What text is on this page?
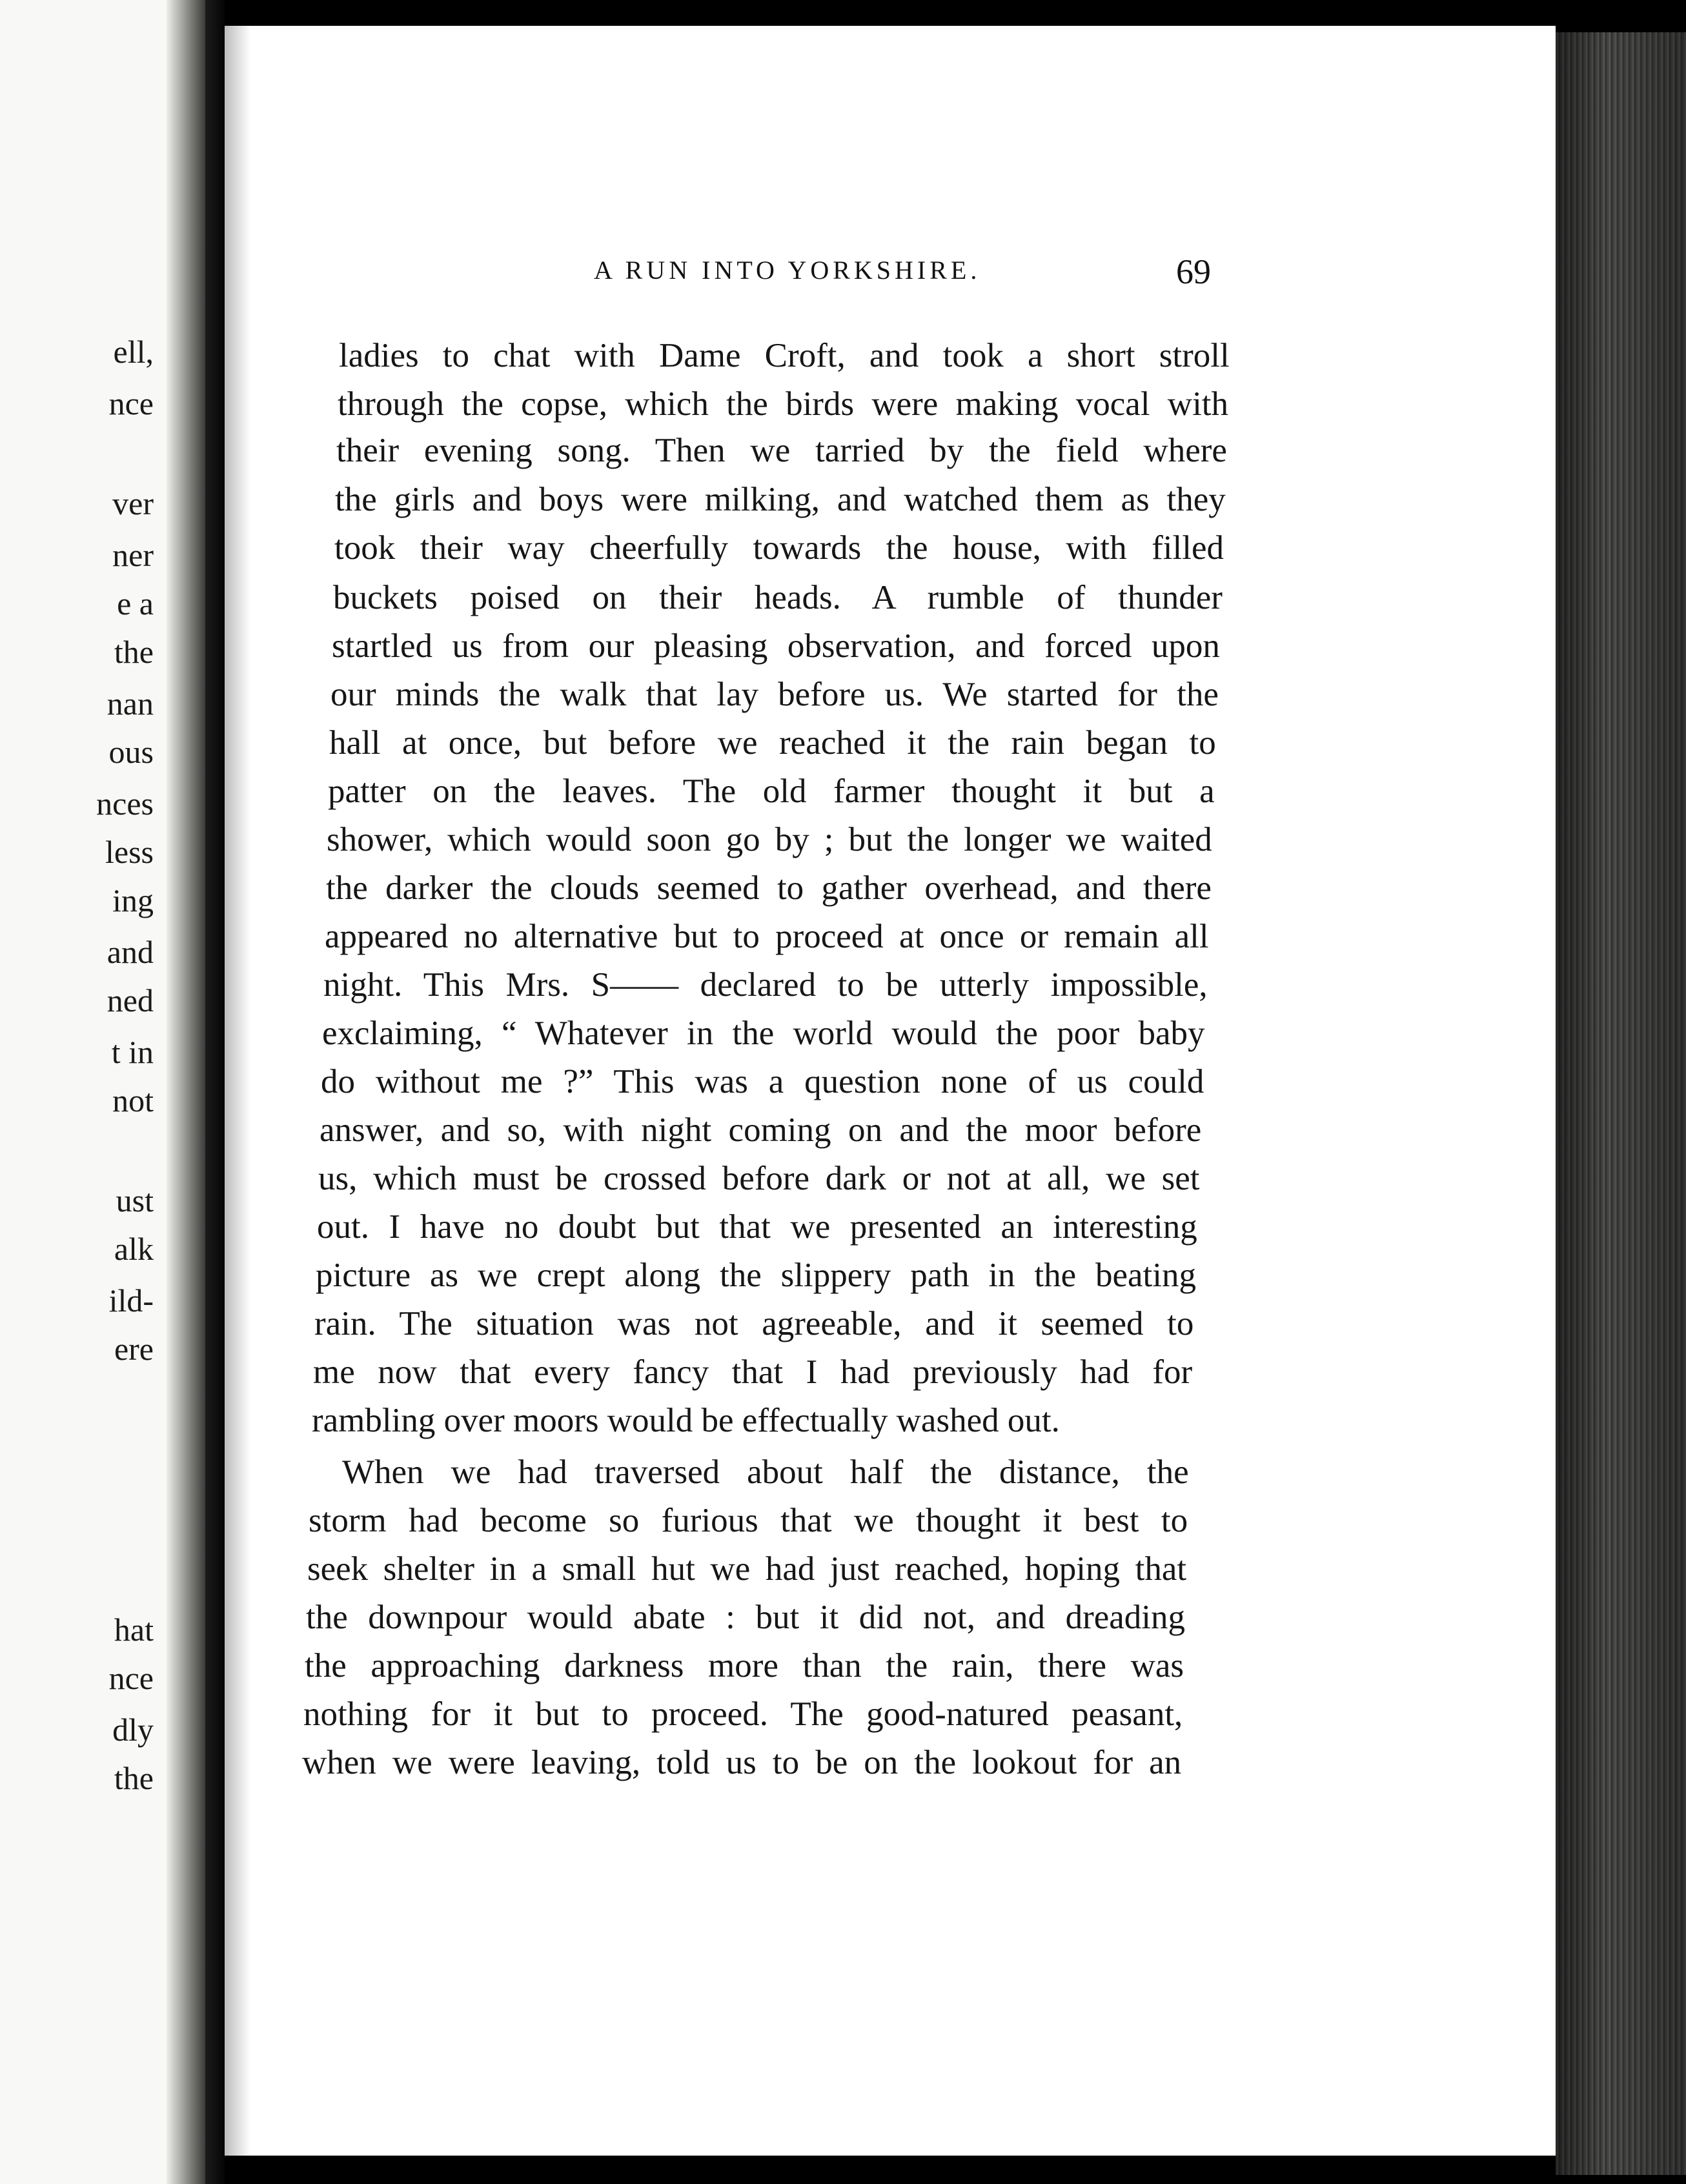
ell,
nce
ver
ner
e a
the
nan
ous
nces
less
ing
and
ned
t in
not
ust
alk
ild-
ere
hat
nce
dly
the
A RUN INTO YORKSHIRE.	69
ladies to chat with Dame Croft, and took a short stroll
through the copse, which the birds were making vocal with
their evening song. Then we tarried by the field where
the girls and boys were milking, and watched them as they
took their way cheerfully towards the house, with filled
buckets poised on their heads. A rumble of thunder
startled us from our pleasing observation, and forced upon
our minds the walk that lay before us. We started for the
hall at once, but before we reached it the rain began to
patter on the leaves. The old farmer thought it but a
shower, which would soon go by ; but the longer we waited
the darker the clouds seemed to gather overhead, and there
appeared no alternative but to proceed at once or remain all
night. This Mrs. S—— declared to be utterly impossible,
exclaiming, “ Whatever in the world would the poor baby
do without me ?” This was a question none of us could
answer, and so, with night coming on and the moor before
us, which must be crossed before dark or not at all, we set
out. I have no doubt but that we presented an interesting
picture as we crept along the slippery path in the beating
rain. The situation was not agreeable, and it seemed to
me now that every fancy that I had previously had for
rambling over moors would be effectually washed out.
When we had traversed about half the distance, the
storm had become so furious that we thought it best to
seek shelter in a small hut we had just reached, hoping that
the downpour would abate : but it did not, and dreading
the approaching darkness more than the rain, there was
nothing for it but to proceed. The good-natured peasant,
when we were leaving, told us to be on the lookout for an
